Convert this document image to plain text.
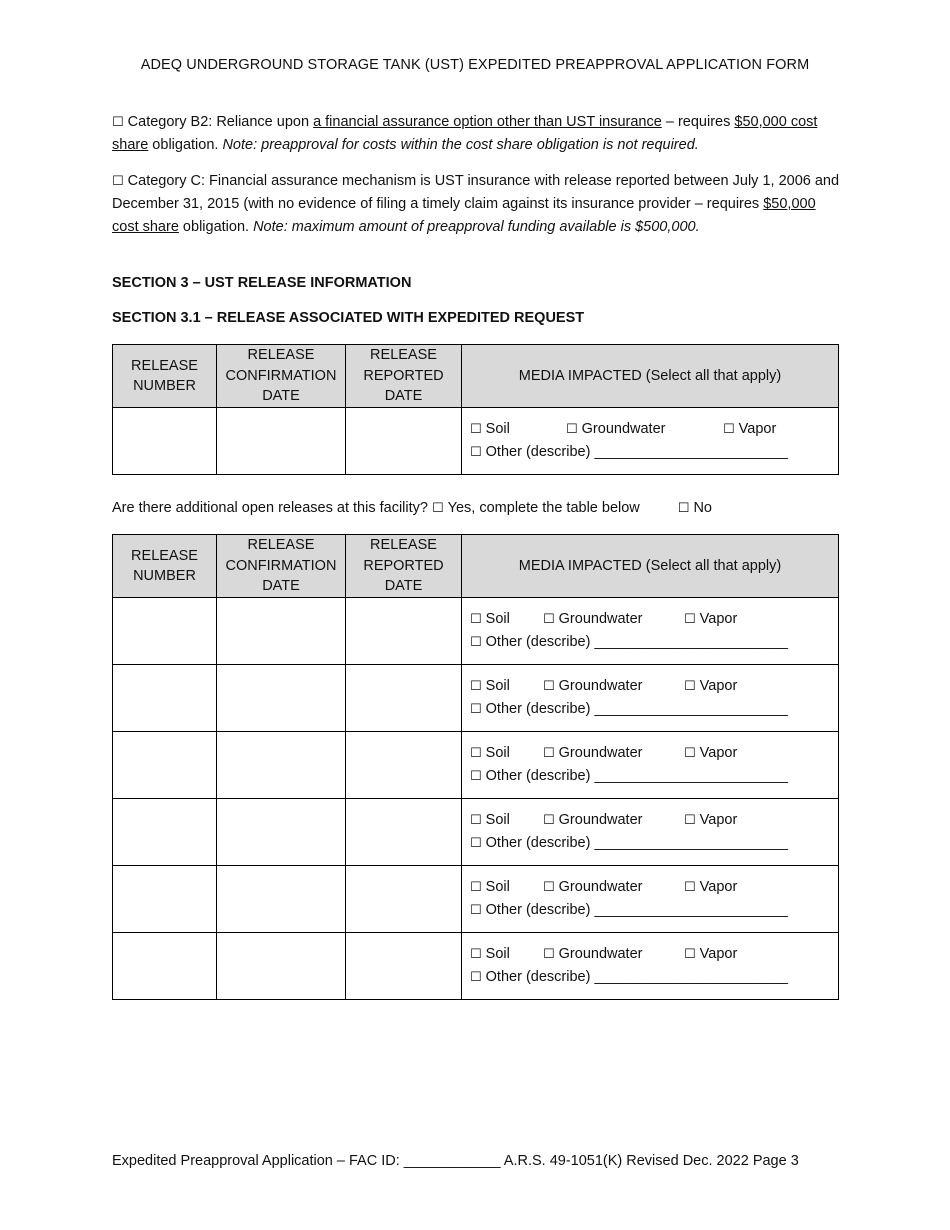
ADEQ UNDERGROUND STORAGE TANK (UST) EXPEDITED PREAPPROVAL APPLICATION FORM
☐ Category B2: Reliance upon a financial assurance option other than UST insurance – requires $50,000 cost share obligation. Note: preapproval for costs within the cost share obligation is not required.
☐ Category C: Financial assurance mechanism is UST insurance with release reported between July 1, 2006 and December 31, 2015 (with no evidence of filing a timely claim against its insurance provider – requires $50,000 cost share obligation. Note: maximum amount of preapproval funding available is $500,000.
SECTION 3 – UST RELEASE INFORMATION
SECTION 3.1 – RELEASE ASSOCIATED WITH EXPEDITED REQUEST
RELEASE
NUMBER	RELEASE
CONFIRMATION
DATE	RELEASE
REPORTED
DATE	MEDIA IMPACTED (Select all that apply)
			☐ Soil ☐ Groundwater ☐ Vapor
☐ Other (describe) ________________________
Are there additional open releases at this facility? ☐ Yes, complete the table below	☐ No
RELEASE
NUMBER	RELEASE
CONFIRMATION
DATE	RELEASE
REPORTED
DATE	MEDIA IMPACTED (Select all that apply)
			☐ Soil ☐ Groundwater ☐ Vapor
☐ Other (describe) ________________________
			☐ Soil ☐ Groundwater ☐ Vapor
☐ Other (describe) ________________________
			☐ Soil ☐ Groundwater ☐ Vapor
☐ Other (describe) ________________________
			☐ Soil ☐ Groundwater ☐ Vapor
☐ Other (describe) ________________________
			☐ Soil ☐ Groundwater ☐ Vapor
☐ Other (describe) ________________________
			☐ Soil ☐ Groundwater ☐ Vapor
☐ Other (describe) ________________________
Expedited Preapproval Application – FAC ID: ____________ A.R.S. 49-1051(K) Revised Dec. 2022 Page 3
